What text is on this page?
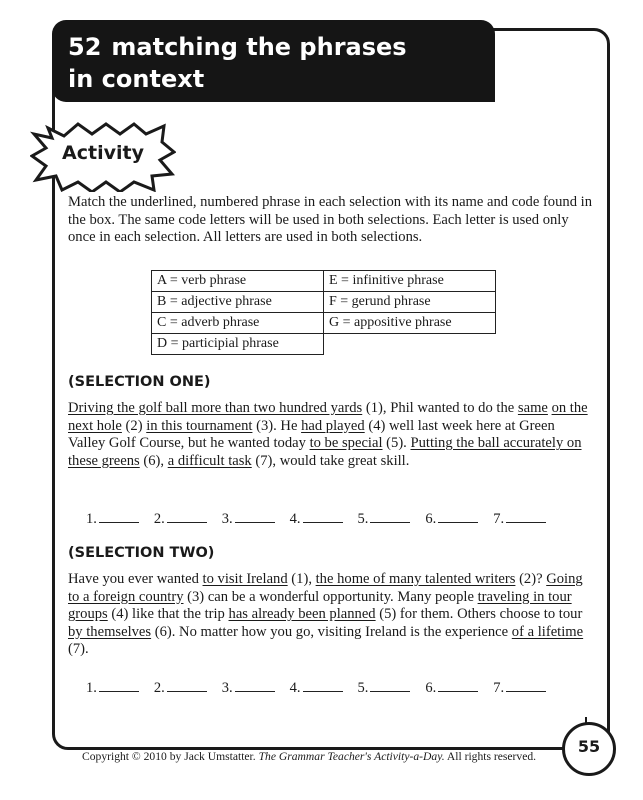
52 matching the phrases
in context
Activity
Match the underlined, numbered phrase in each selection with its name and code found in the box. The same code letters will be used in both selections. Each letter is used only once in each selection. All letters are used in both selections.
A = verb phrase	E = infinitive phrase
B = adjective phrase	F = gerund phrase
C = adverb phrase	G = appositive phrase
D = participial phrase	
(SELECTION ONE)
Driving the golf ball more than two hundred yards (1), Phil wanted to do the same on the next hole (2) in this tournament (3). He had played (4) well last week here at Green Valley Golf Course, but he wanted today to be special (5). Putting the ball accurately on these greens (6), a difficult task (7), would take great skill.
1.	2.	3.	4.	5.	6.	7.
(SELECTION TWO)
Have you ever wanted to visit Ireland (1), the home of many talented writers (2)? Going to a foreign country (3) can be a wonderful opportunity. Many people traveling in tour groups (4) like that the trip has already been planned (5) for them. Others choose to tour by themselves (6). No matter how you go, visiting Ireland is the experience of a lifetime (7).
1.	2.	3.	4.	5.	6.	7.
Copyright © 2010 by Jack Umstatter. The Grammar Teacher's Activity-a-Day. All rights reserved.
55
